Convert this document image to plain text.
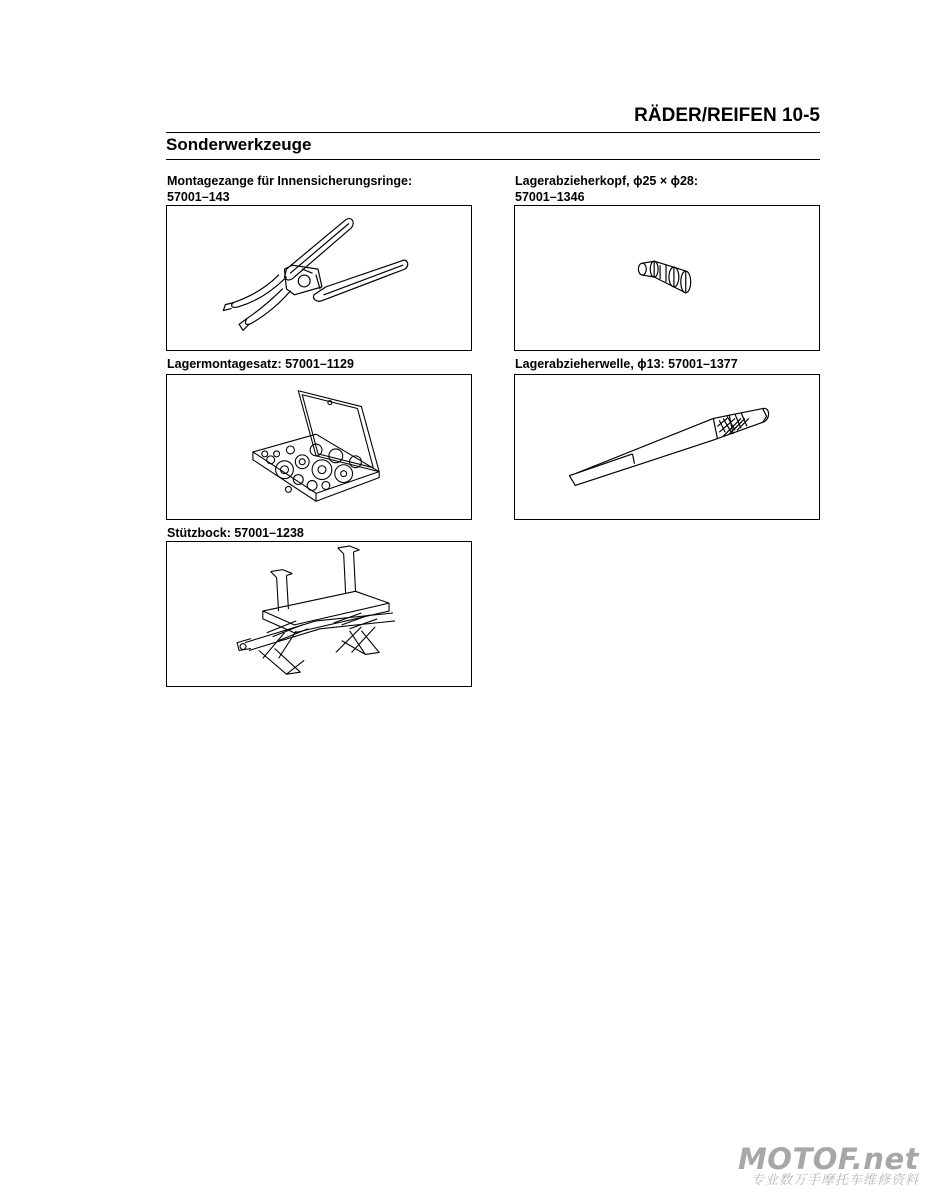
RÄDER/REIFEN 10-5
Sonderwerkzeuge
Montagezange für Innensicherungsringe:
57001–143
Lagerabzieherkopf, ϕ25 × ϕ28:
57001–1346
Lagermontagesatz: 57001–1129	Lagerabzieherwelle, ϕ13: 57001–1377
Stützbock: 57001–1238
MOTOF.net
专业数万手摩托车维修资料
